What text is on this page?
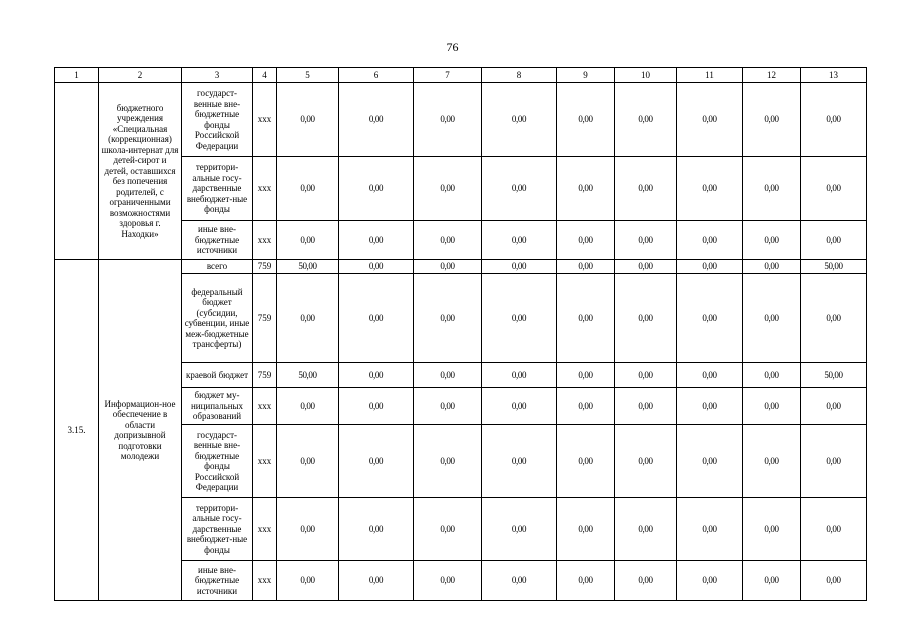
76
1	2	3	4	5	6	7	8	9	10	11	12	13
	бюджетного учреждения «Специальная (коррекционная) школа-интернат для детей-сирот и детей, оставшихся без попечения родителей, с ограниченными возможностями здоровья г. Находки»	государст-венные вне-бюджетные фонды Российской Федерации	ххх	0,00	0,00	0,00	0,00	0,00	0,00	0,00	0,00	0,00
		территори-альные госу-дарственные внебюджет-ные фонды	ххх	0,00	0,00	0,00	0,00	0,00	0,00	0,00	0,00	0,00
		иные вне-бюджетные источники	ххх	0,00	0,00	0,00	0,00	0,00	0,00	0,00	0,00	0,00
3.15.	Информацион-ное обеспечение в области допризывной подготовки молодежи	всего	759	50,00	0,00	0,00	0,00	0,00	0,00	0,00	0,00	50,00
		федеральный бюджет (субсидии, субвенции, иные меж-бюджетные трансферты)	759	0,00	0,00	0,00	0,00	0,00	0,00	0,00	0,00	0,00
		краевой бюджет	759	50,00	0,00	0,00	0,00	0,00	0,00	0,00	0,00	50,00
		бюджет му-ниципальных образований	ххх	0,00	0,00	0,00	0,00	0,00	0,00	0,00	0,00	0,00
		государст-венные вне-бюджетные фонды Российской Федерации	ххх	0,00	0,00	0,00	0,00	0,00	0,00	0,00	0,00	0,00
		территори-альные госу-дарственные внебюджет-ные фонды	ххх	0,00	0,00	0,00	0,00	0,00	0,00	0,00	0,00	0,00
		иные вне-бюджетные источники	ххх	0,00	0,00	0,00	0,00	0,00	0,00	0,00	0,00	0,00
